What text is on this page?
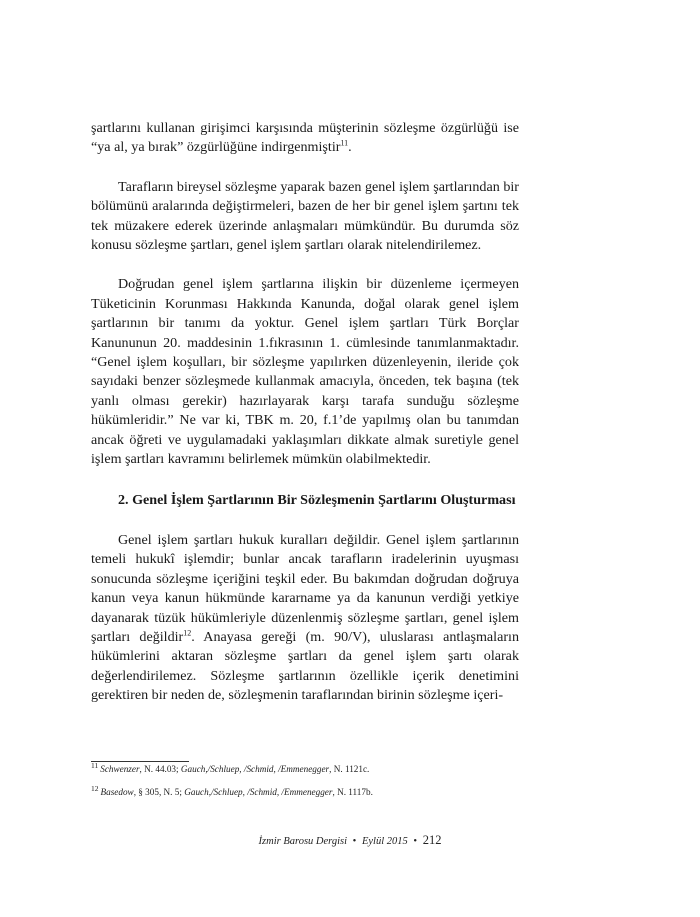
şartlarını kullanan girişimci karşısında müşterinin sözleşme özgürlüğü ise “ya al, ya bırak” özgürlüğüne indirgenmiştir$^{11}$.

Tarafların bireysel sözleşme yaparak bazen genel işlem şartlarından bir bölümünü aralarında değiştirmeleri, bazen de her bir genel işlem şartını tek tek müzakere ederek üzerinde anlaşmaları mümkündür. Bu durumda söz konusu sözleşme şartları, genel işlem şartları olarak nitelendirilemez.

Doğrudan genel işlem şartlarına ilişkin bir düzenleme içermeyen Tüketicinin Korunması Hakkında Kanunda, doğal olarak genel işlem şartlarının bir tanımı da yoktur. Genel işlem şartları Türk Borçlar Kanununun 20. maddesinin 1.fıkrasının 1. cümlesinde tanımlanmaktadır. “Genel işlem koşulları, bir sözleşme yapılırken düzenleyenin, ileride çok sayıdaki benzer sözleşmede kullanmak amacıyla, önceden, tek başına (tek yanlı olması gerekir) hazırlayarak karşı tarafa sunduğu sözleşme hükümleridir.” Ne var ki, TBK m. 20, f.1’de yapılmış olan bu tanımdan ancak öğreti ve uygulamadaki yaklaşımları dikkate almak suretiyle genel işlem şartları kavramını belirlemek mümkün olabilmektedir.

2. Genel İşlem Şartlarının Bir Sözleşmenin Şartlarını Oluşturması

Genel işlem şartları hukuk kuralları değildir. Genel işlem şartlarının temeli hukukî işlemdir; bunlar ancak tarafların iradelerinin uyuşması sonucunda sözleşme içeriğini teşkil eder. Bu bakımdan doğrudan doğruya kanun veya kanun hükmünde kararname ya da kanunun verdiği yetkiye dayanarak tüzük hükümleriyle düzenlenmiş sözleşme şartları, genel işlem şartları değildir$^{12}$. Anayasa gereği (m. 90/V), uluslarası antlaşmaların hükümlerini aktaran sözleşme şartları da genel işlem şartı olarak değerlendirilemez. Sözleşme şartlarının özellikle içerik denetimini gerektiren bir neden de, sözleşmenin taraflarından birinin sözleşme içeri-

$^{11}$ Schwenzer, N. 44.03; Gauch,/Schluep, /Schmid, /Emmenegger, N. 1121c.

$^{12}$ Basedow, § 305, N. 5; Gauch,/Schluep, /Schmid, /Emmenegger, N. 1117b.

İzmir Barosu Dergisi • Eylül 2015 • 212
